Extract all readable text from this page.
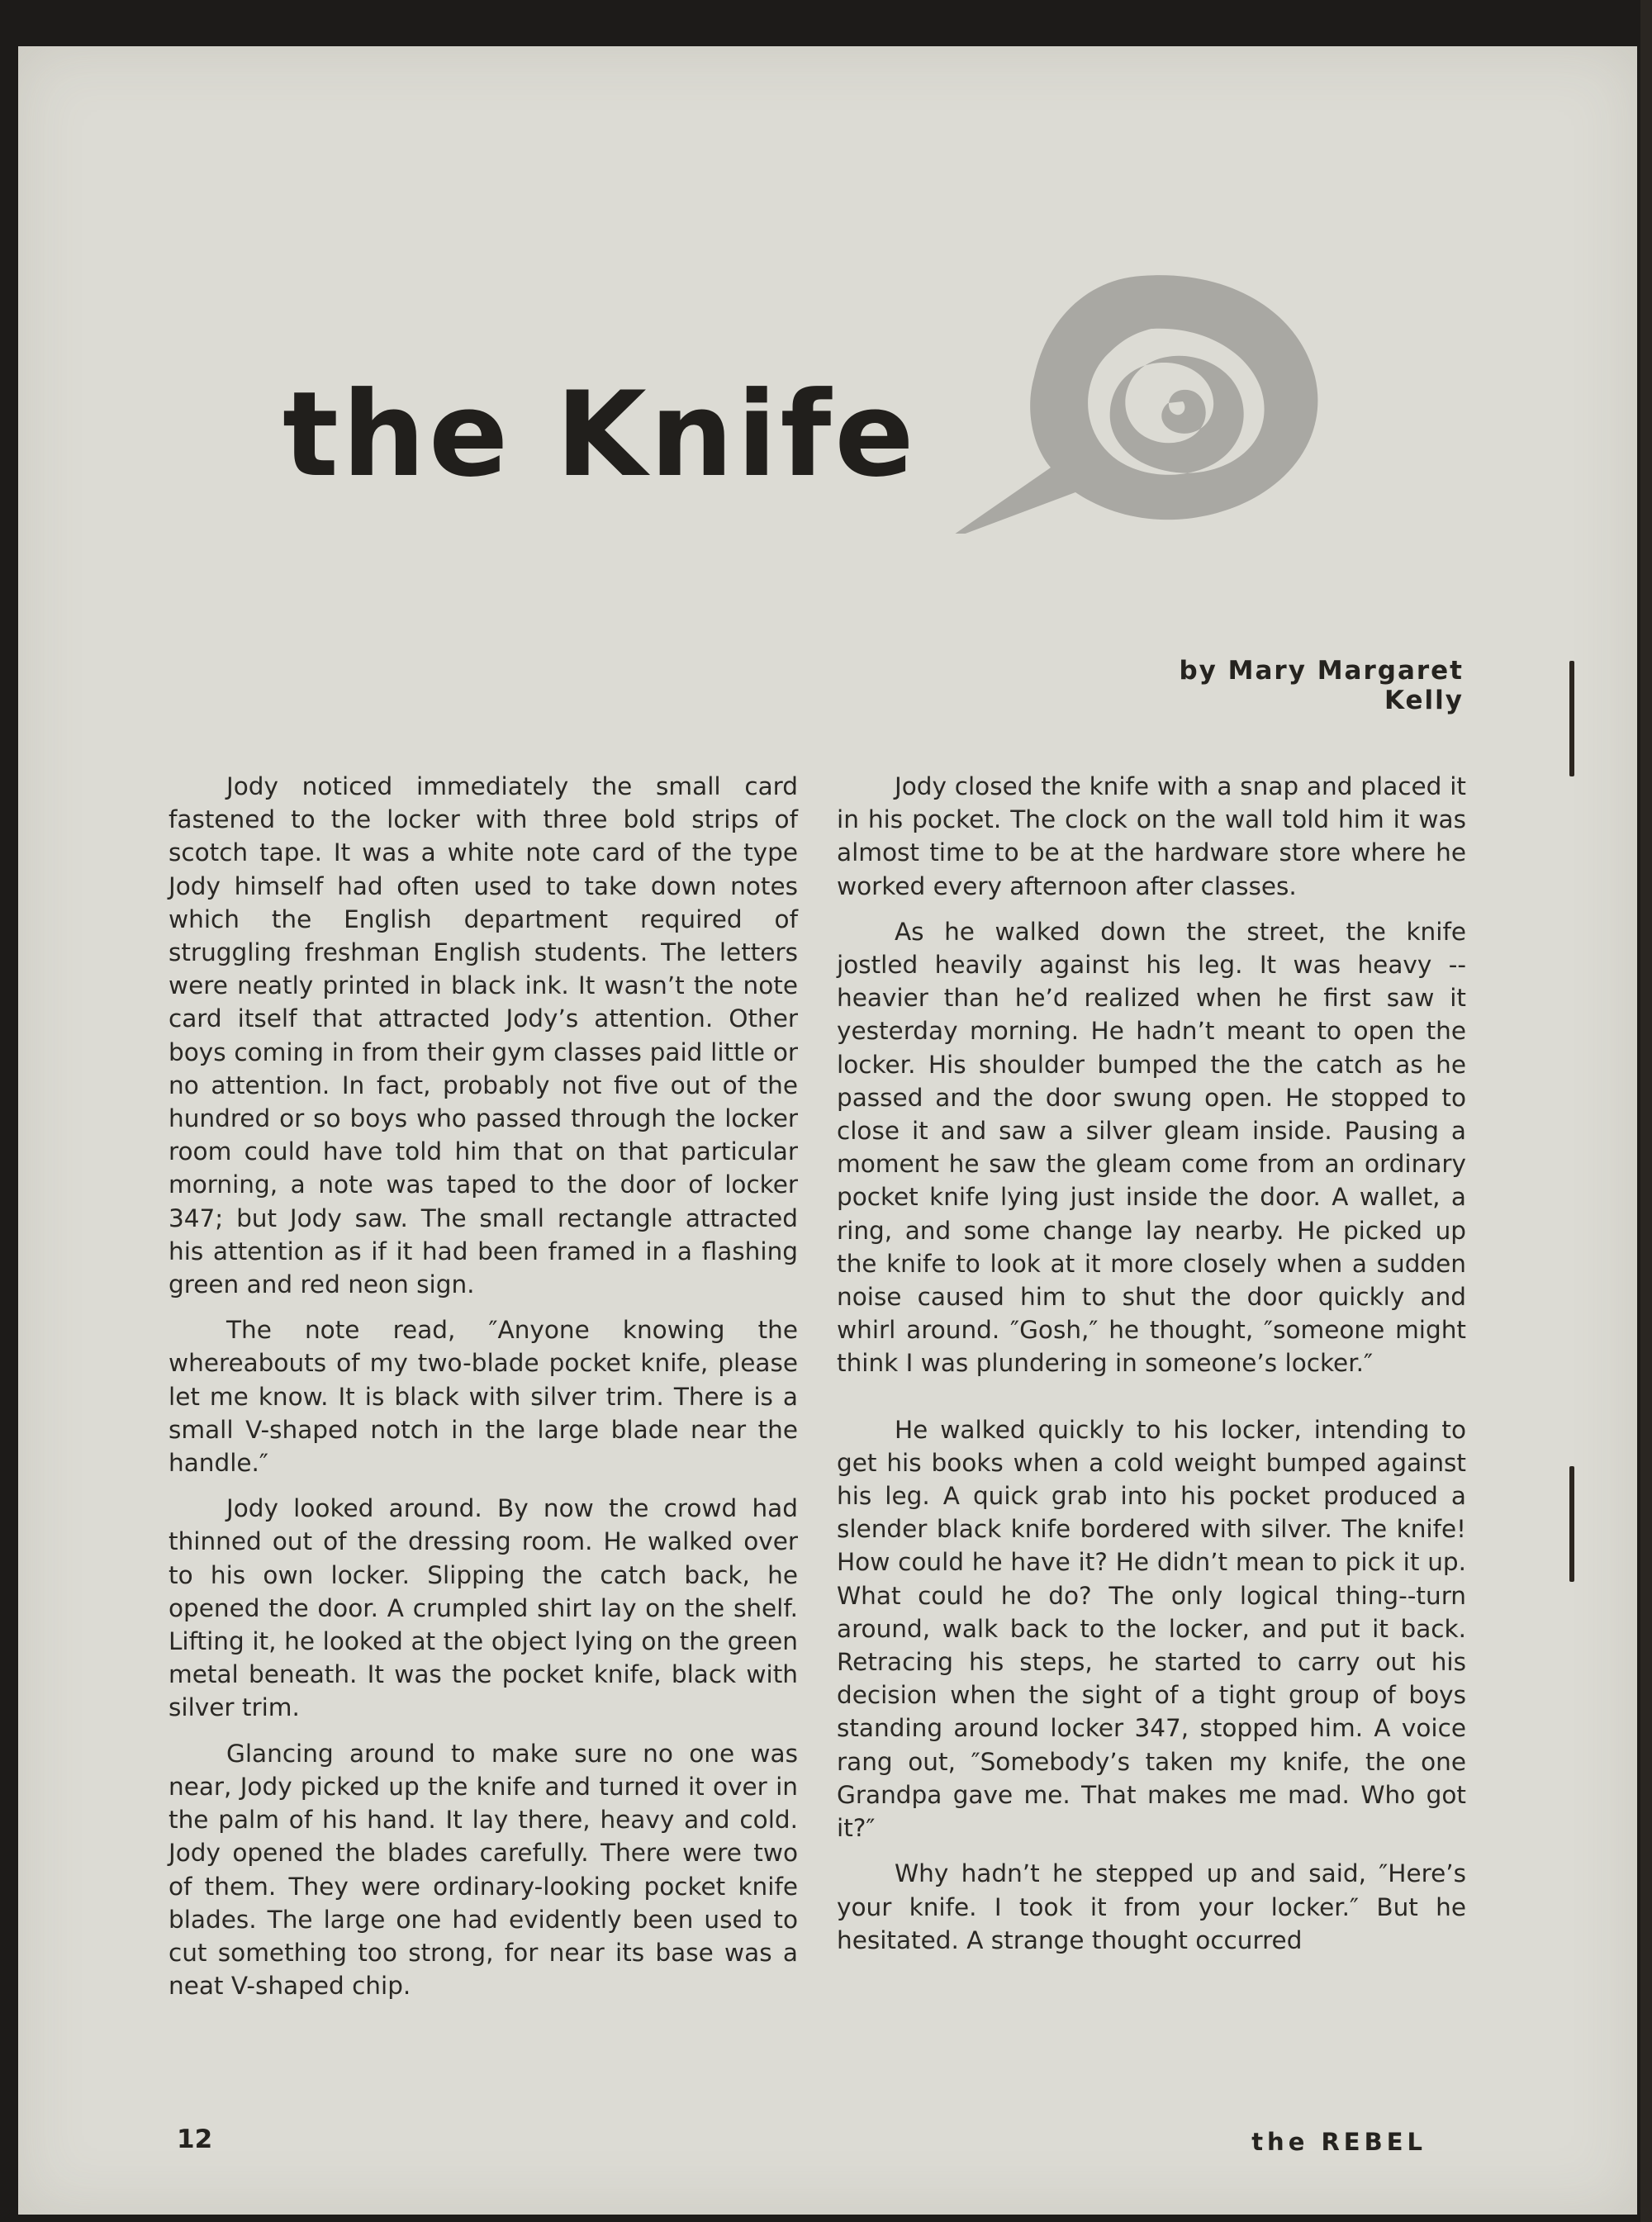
the Knife
by Mary Margaret Kelly

Jody noticed immediately the small card fastened to the locker with three bold strips of scotch tape. It was a white note card of the type Jody himself had often used to take down notes which the English department required of struggling freshman English students. The letters were neatly printed in black ink. It wasn’t the note card itself that attracted Jody’s attention. Other boys coming in from their gym classes paid little or no attention. In fact, probably not five out of the hundred or so boys who passed through the locker room could have told him that on that particular morning, a note was taped to the door of locker 347; but Jody saw. The small rectangle attracted his attention as if it had been framed in a flashing green and red neon sign.

The note read, ″Anyone knowing the whereabouts of my two-blade pocket knife, please let me know. It is black with silver trim. There is a small V-shaped notch in the large blade near the handle.″

Jody looked around. By now the crowd had thinned out of the dressing room. He walked over to his own locker. Slipping the catch back, he opened the door. A crumpled shirt lay on the shelf. Lifting it, he looked at the object lying on the green metal beneath. It was the pocket knife, black with silver trim.

Glancing around to make sure no one was near, Jody picked up the knife and turned it over in the palm of his hand. It lay there, heavy and cold. Jody opened the blades carefully. There were two of them. They were ordinary-looking pocket knife blades. The large one had evidently been used to cut something too strong, for near its base was a neat V-shaped chip.

Jody closed the knife with a snap and placed it in his pocket. The clock on the wall told him it was almost time to be at the hardware store where he worked every afternoon after classes.

As he walked down the street, the knife jostled heavily against his leg. It was heavy --heavier than he’d realized when he first saw it yesterday morning. He hadn’t meant to open the locker. His shoulder bumped the the catch as he passed and the door swung open. He stopped to close it and saw a silver gleam inside. Pausing a moment he saw the gleam come from an ordinary pocket knife lying just inside the door. A wallet, a ring, and some change lay nearby. He picked up the knife to look at it more closely when a sudden noise caused him to shut the door quickly and whirl around. ″Gosh,″ he thought, ″someone might think I was plundering in someone’s locker.″

He walked quickly to his locker, intending to get his books when a cold weight bumped against his leg. A quick grab into his pocket produced a slender black knife bordered with silver. The knife! How could he have it? He didn’t mean to pick it up. What could he do? The only logical thing--turn around, walk back to the locker, and put it back. Retracing his steps, he started to carry out his decision when the sight of a tight group of boys standing around locker 347, stopped him. A voice rang out, ″Somebody’s taken my knife, the one Grandpa gave me. That makes me mad. Who got it?″

Why hadn’t he stepped up and said, ″Here’s your knife. I took it from your locker.″ But he hesitated. A strange thought occurred

12	the REBEL
